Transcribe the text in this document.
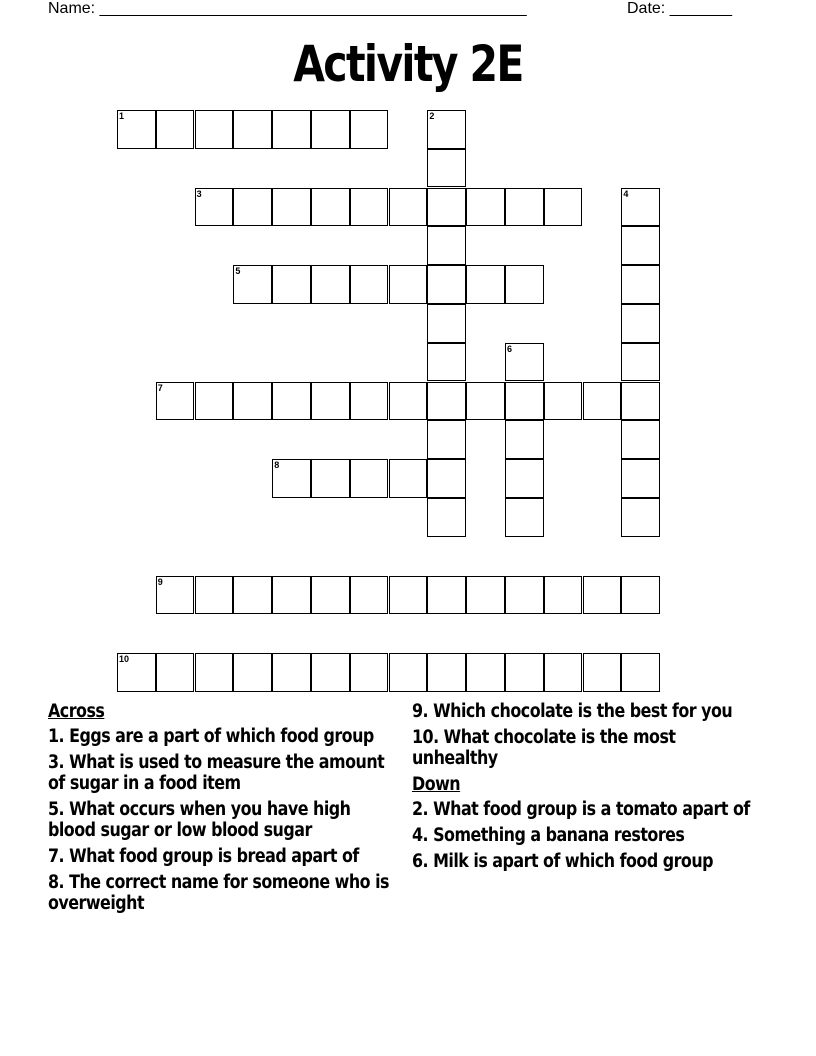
Name: ________________________________________________	Date: _______
Activity 2E
1	2
3	4
5
6
7
8
9
10
Across
1. Eggs are a part of which food group
3. What is used to measure the amount of sugar in a food item
5. What occurs when you have high blood sugar or low blood sugar
7. What food group is bread apart of
8. The correct name for someone who is overweight
9. Which chocolate is the best for you
10. What chocolate is the most unhealthy
Down
2. What food group is a tomato apart of
4. Something a banana restores
6. Milk is apart of which food group
